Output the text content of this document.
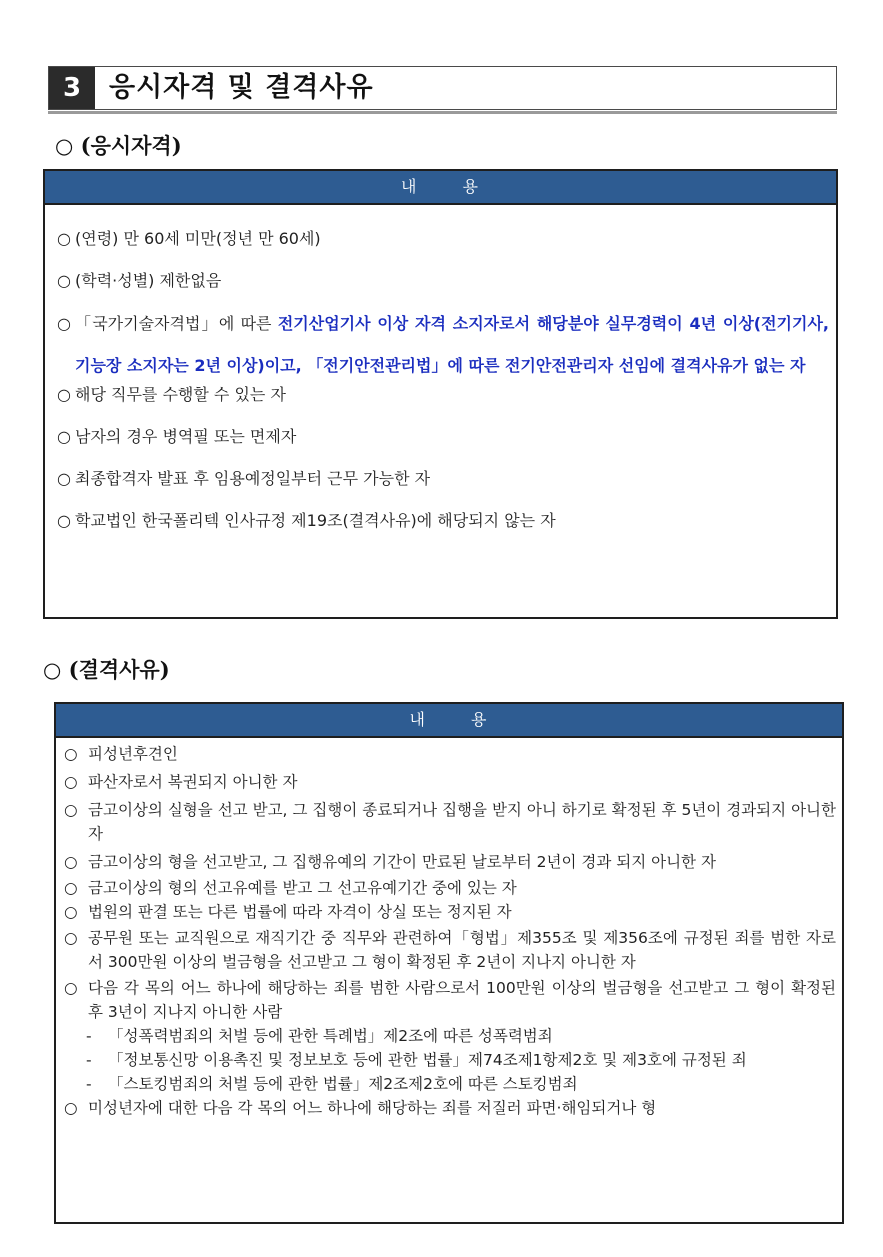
3	응시자격 및 결격사유
○ (응시자격)
내	용
○ (연령) 만 60세 미만(정년 만 60세)
○ (학력·성별) 제한없음
○ 「국가기술자격법」에 따른 전기산업기사 이상 자격 소지자로서 해당분야 실무경력이 4년 이상(전기기사, 기능장 소지자는 2년 이상)이고, 「전기안전관리법」에 따른 전기안전관리자 선임에 결격사유가 없는 자
○ 해당 직무를 수행할 수 있는 자
○ 남자의 경우 병역필 또는 면제자
○ 최종합격자 발표 후 임용예정일부터 근무 가능한 자
○ 학교법인 한국폴리텍 인사규정 제19조(결격사유)에 해당되지 않는 자
○ (결격사유)
내	용
○ 피성년후견인
○ 파산자로서 복권되지 아니한 자
○ 금고이상의 실형을 선고 받고, 그 집행이 종료되거나 집행을 받지 아니 하기로 확정된 후 5년이 경과되지 아니한 자
○ 금고이상의 형을 선고받고, 그 집행유예의 기간이 만료된 날로부터 2년이 경과 되지 아니한 자
○ 금고이상의 형의 선고유예를 받고 그 선고유예기간 중에 있는 자
○ 법원의 판결 또는 다른 법률에 따라 자격이 상실 또는 정지된 자
○ 공무원 또는 교직원으로 재직기간 중 직무와 관련하여「형법」제355조 및 제356조에 규정된 죄를 범한 자로서 300만원 이상의 벌금형을 선고받고 그 형이 확정된 후 2년이 지나지 아니한 자
○ 다음 각 목의 어느 하나에 해당하는 죄를 범한 사람으로서 100만원 이상의 벌금형을 선고받고 그 형이 확정된 후 3년이 지나지 아니한 사람
-	「성폭력범죄의 처벌 등에 관한 특례법」제2조에 따른 성폭력범죄
-	「정보통신망 이용촉진 및 정보보호 등에 관한 법률」제74조제1항제2호 및 제3호에 규정된 죄
-	「스토킹범죄의 처벌 등에 관한 법률」제2조제2호에 따른 스토킹범죄
○ 미성년자에 대한 다음 각 목의 어느 하나에 해당하는 죄를 저질러 파면·해임되거나 형
